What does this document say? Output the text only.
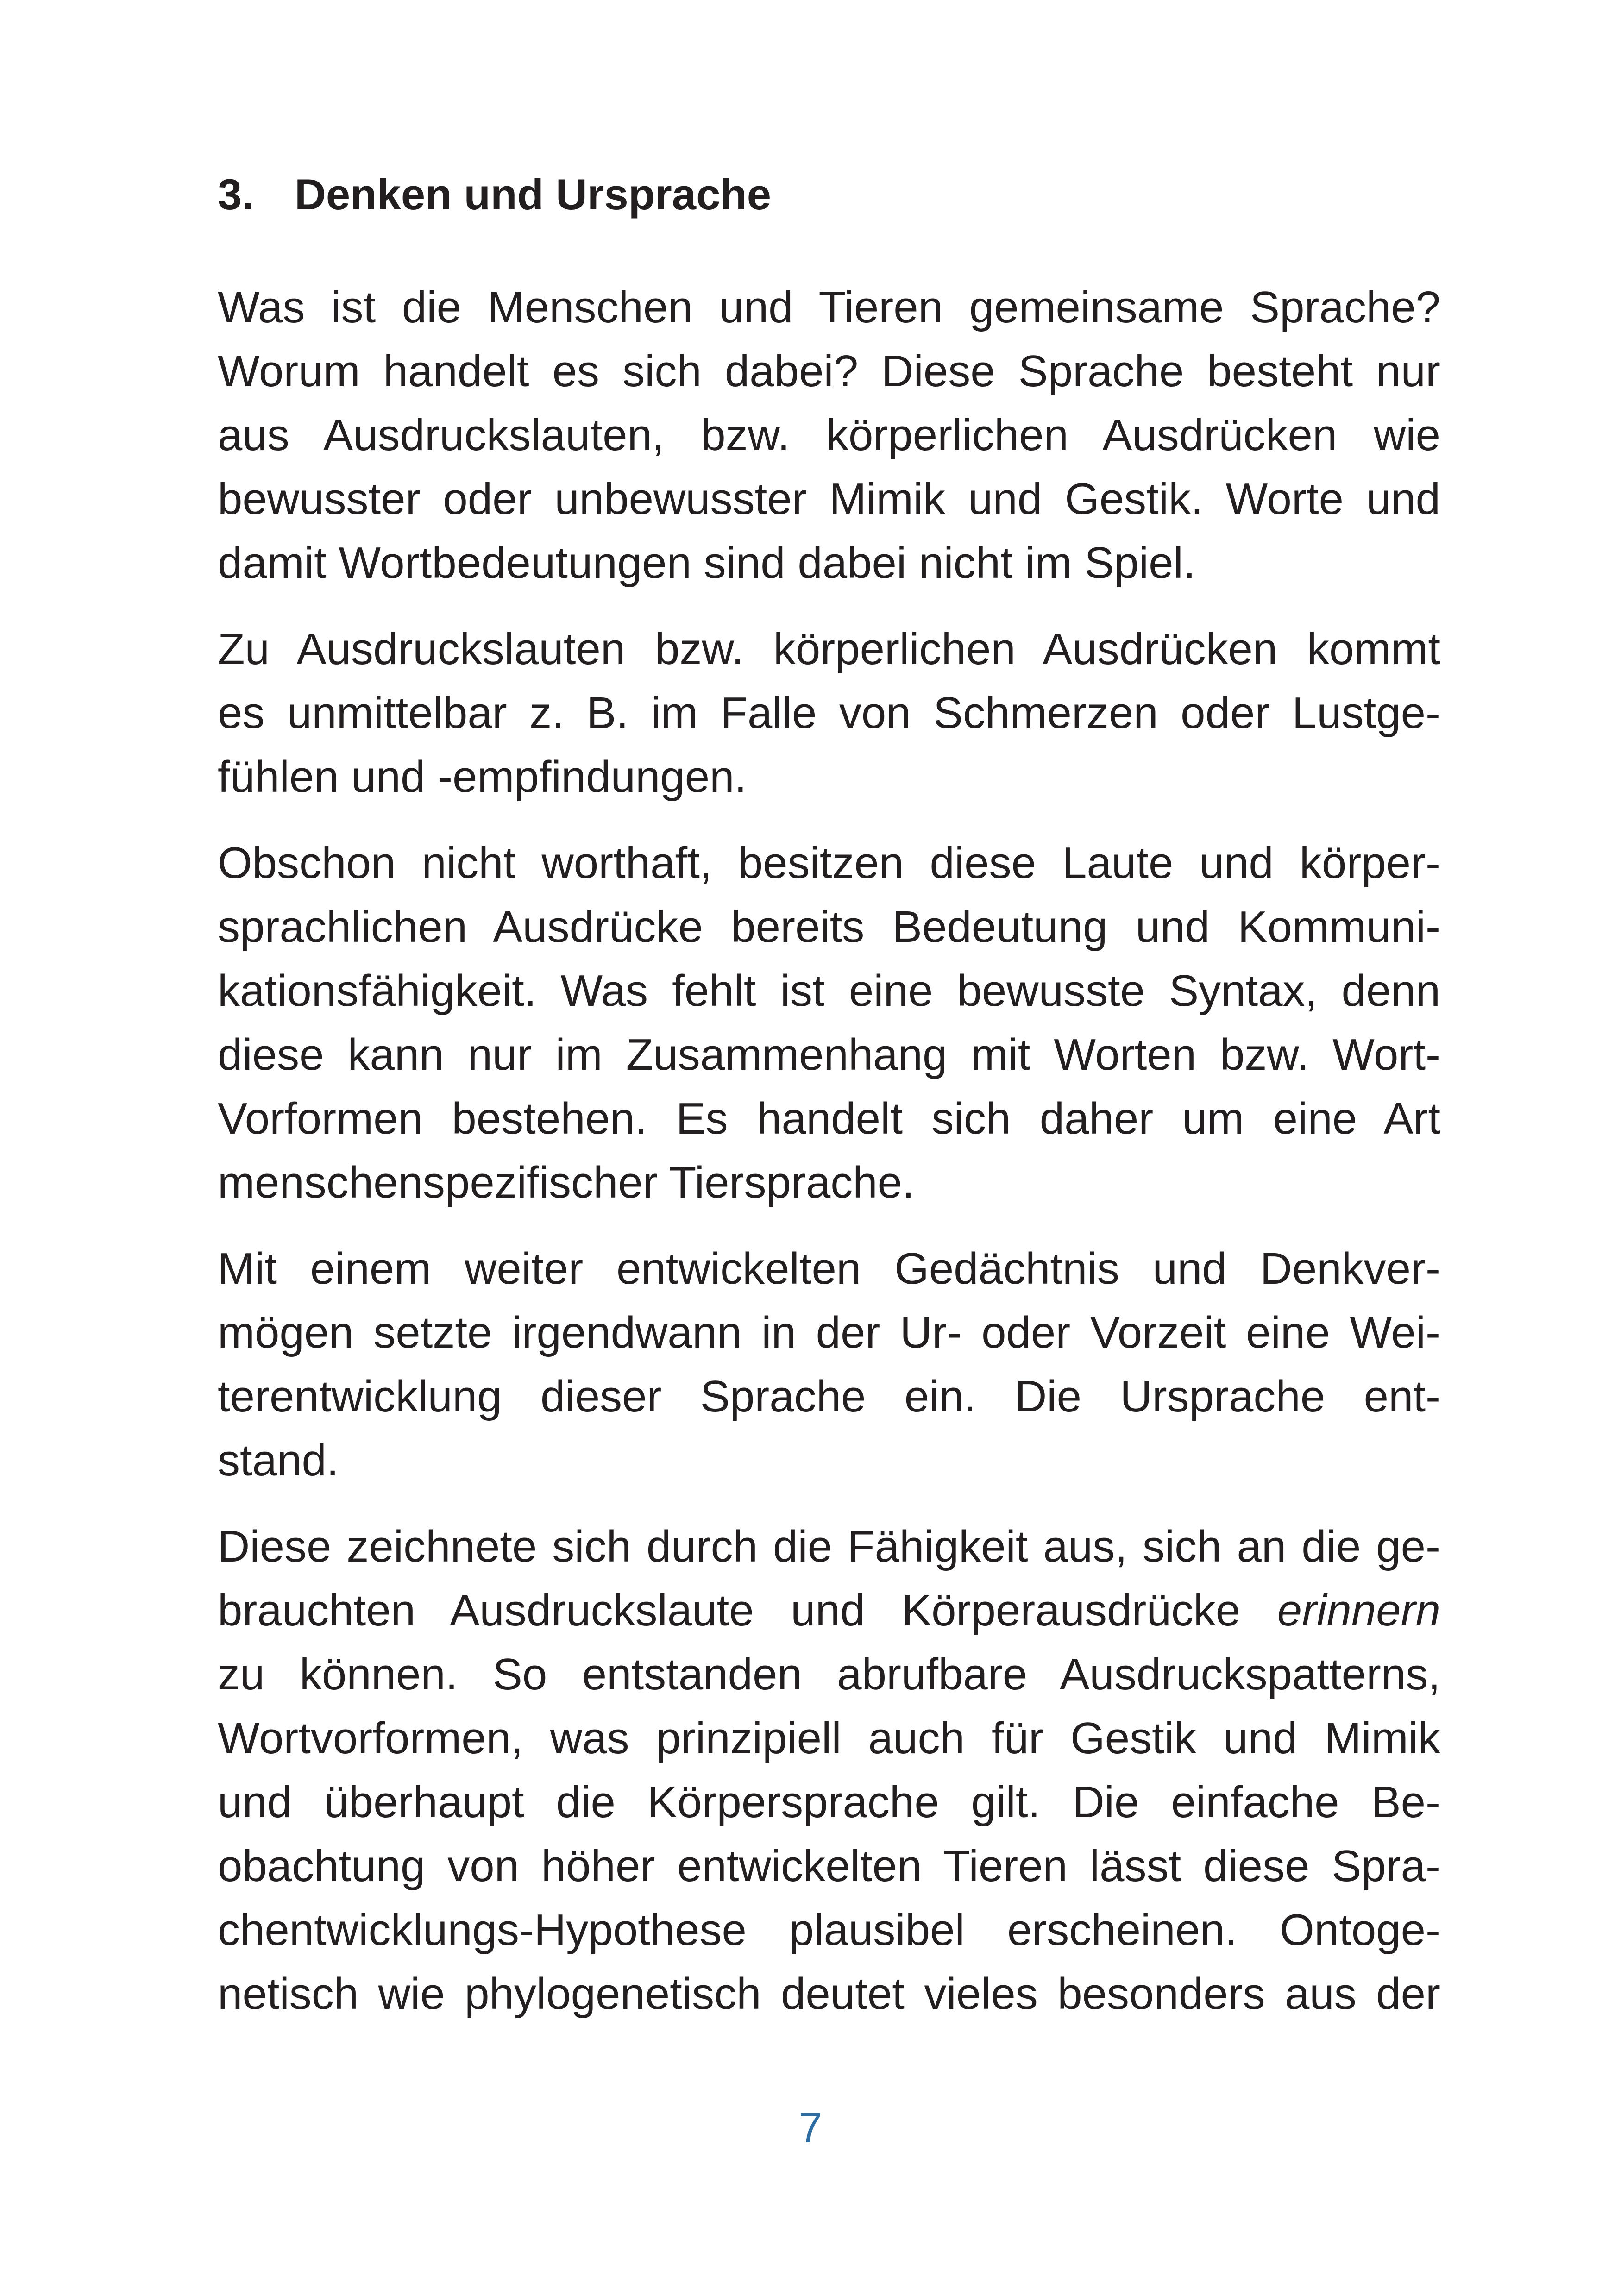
3. Denken und Ursprache
Was ist die Menschen und Tieren gemeinsame Sprache?
Worum handelt es sich dabei? Diese Sprache besteht nur
aus Ausdruckslauten, bzw. körperlichen Ausdrücken wie
bewusster oder unbewusster Mimik und Gestik. Worte und
damit Wortbedeutungen sind dabei nicht im Spiel.
Zu Ausdruckslauten bzw. körperlichen Ausdrücken kommt
es unmittelbar z. B. im Falle von Schmerzen oder Lustge-
fühlen und -empfindungen.
Obschon nicht worthaft, besitzen diese Laute und körper-
sprachlichen Ausdrücke bereits Bedeutung und Kommuni-
kationsfähigkeit. Was fehlt ist eine bewusste Syntax, denn
diese kann nur im Zusammenhang mit Worten bzw. Wort-
Vorformen bestehen. Es handelt sich daher um eine Art
menschenspezifischer Tiersprache.
Mit einem weiter entwickelten Gedächtnis und Denkver-
mögen setzte irgendwann in der Ur- oder Vorzeit eine Wei-
terentwicklung dieser Sprache ein. Die Ursprache ent-
stand.
Diese zeichnete sich durch die Fähigkeit aus, sich an die ge-
brauchten Ausdruckslaute und Körperausdrücke erinnern
zu können. So entstanden abrufbare Ausdruckspatterns,
Wortvorformen, was prinzipiell auch für Gestik und Mimik
und überhaupt die Körpersprache gilt. Die einfache Be-
obachtung von höher entwickelten Tieren lässt diese Spra-
chentwicklungs-Hypothese plausibel erscheinen. Ontoge-
netisch wie phylogenetisch deutet vieles besonders aus der
7
